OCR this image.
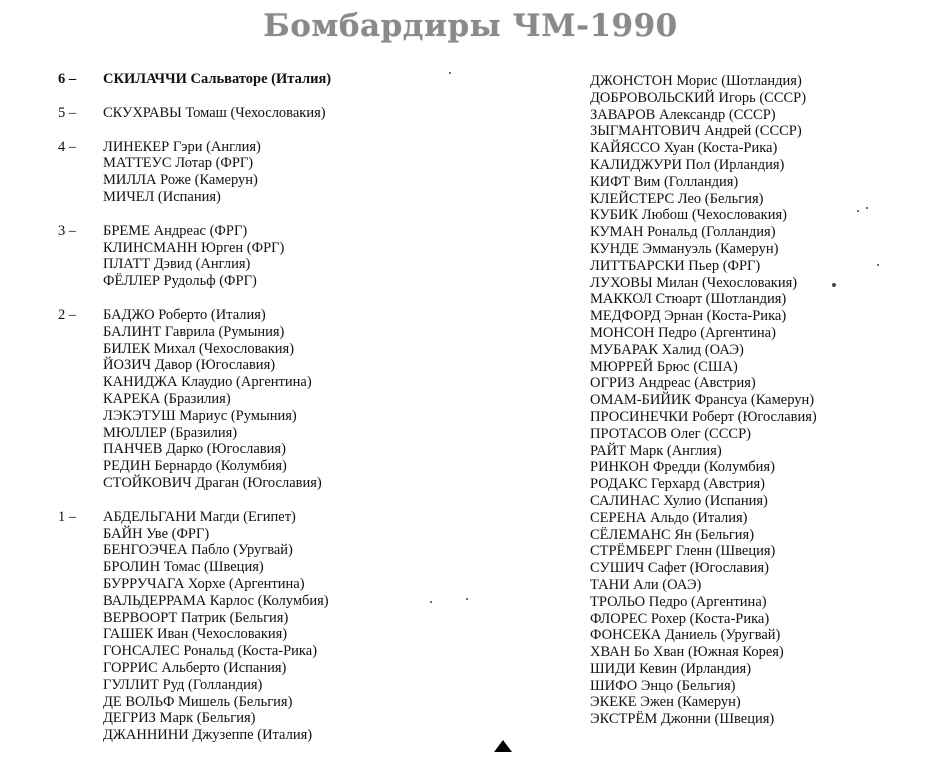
Бомбардиры ЧМ-1990
6 –	СКИЛАЧЧИ Сальваторе (Италия)
5 –	СКУХРАВЫ Томаш (Чехословакия)
4 –	ЛИНЕКЕР Гэри (Англия)
МАТТЕУС Лотар (ФРГ)
МИЛЛА Роже (Камерун)
МИЧЕЛ (Испания)
3 –	БРЕМЕ Андреас (ФРГ)
КЛИНСМАНН Юрген (ФРГ)
ПЛАТТ Дэвид (Англия)
ФЁЛЛЕР Рудольф (ФРГ)
2 –	БАДЖО Роберто (Италия)
БАЛИНТ Гаврила (Румыния)
БИЛЕК Михал (Чехословакия)
ЙОЗИЧ Давор (Югославия)
КАНИДЖА Клаудио (Аргентина)
КАРЕКА (Бразилия)
ЛЭКЭТУШ Мариус (Румыния)
МЮЛЛЕР (Бразилия)
ПАНЧЕВ Дарко (Югославия)
РЕДИН Бернардо (Колумбия)
СТОЙКОВИЧ Драган (Югославия)
1 –	АБДЕЛЬГАНИ Магди (Египет)
БАЙН Уве (ФРГ)
БЕНГОЭЧЕА Пабло (Уругвай)
БРОЛИН Томас (Швеция)
БУРРУЧАГА Хорхе (Аргентина)
ВАЛЬДЕРРАМА Карлос (Колумбия)
ВЕРВООРТ Патрик (Бельгия)
ГАШЕК Иван (Чехословакия)
ГОНСАЛЕС Рональд (Коста-Рика)
ГОРРИС Альберто (Испания)
ГУЛЛИТ Руд (Голландия)
ДЕ ВОЛЬФ Мишель (Бельгия)
ДЕГРИЗ Марк (Бельгия)
ДЖАННИНИ Джузеппе (Италия)
ДЖОНСТОН Морис (Шотландия)
ДОБРОВОЛЬСКИЙ Игорь (СССР)
ЗАВАРОВ Александр (СССР)
ЗЫГМАНТОВИЧ Андрей (СССР)
КАЙЯССО Хуан (Коста-Рика)
КАЛИДЖУРИ Пол (Ирландия)
КИФТ Вим (Голландия)
КЛЕЙСТЕРС Лео (Бельгия)
КУБИК Любош (Чехословакия)
КУМАН Рональд (Голландия)
КУНДЕ Эммануэль (Камерун)
ЛИТТБАРСКИ Пьер (ФРГ)
ЛУХОВЫ Милан (Чехословакия)
МАККОЛ Стюарт (Шотландия)
МЕДФОРД Эрнан (Коста-Рика)
МОНСОН Педро (Аргентина)
МУБАРАК Халид (ОАЭ)
МЮРРЕЙ Брюс (США)
ОГРИЗ Андреас (Австрия)
ОМАМ-БИЙИК Франсуа (Камерун)
ПРОСИНЕЧКИ Роберт (Югославия)
ПРОТАСОВ Олег (СССР)
РАЙТ Марк (Англия)
РИНКОН Фредди (Колумбия)
РОДАКС Герхард (Австрия)
САЛИНАС Хулио (Испания)
СЕРЕНА Альдо (Италия)
СЁЛЕМАНС Ян (Бельгия)
СТРЁМБЕРГ Гленн (Швеция)
СУШИЧ Сафет (Югославия)
ТАНИ Али (ОАЭ)
ТРОЛЬО Педро (Аргентина)
ФЛОРЕС Рохер (Коста-Рика)
ФОНСЕКА Даниель (Уругвай)
ХВАН Бо Хван (Южная Корея)
ШИДИ Кевин (Ирландия)
ШИФО Энцо (Бельгия)
ЭКЕКЕ Эжен (Камерун)
ЭКСТРЁМ Джонни (Швеция)
